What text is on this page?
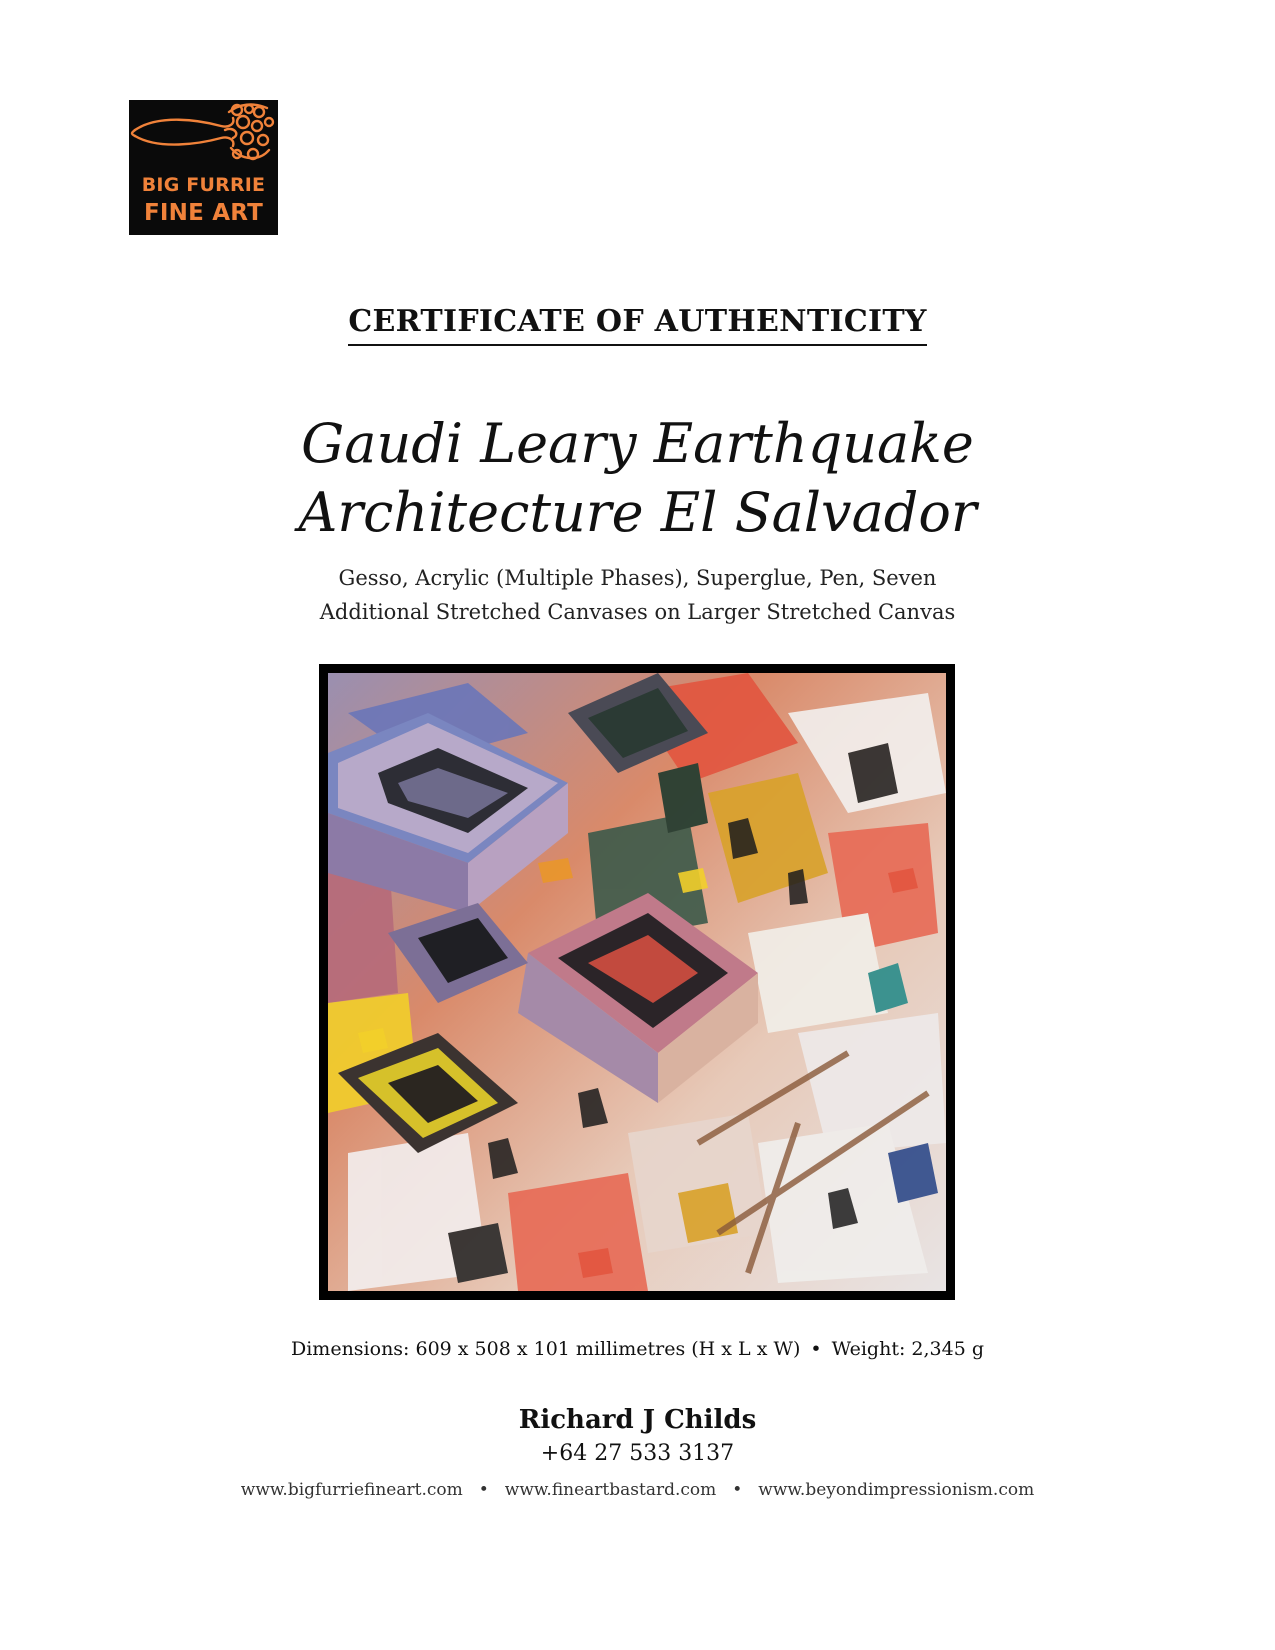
BIG FURRIE
FINE ART
CERTIFICATE OF AUTHENTICITY
Gaudi Leary Earthquake
Architecture El Salvador
Gesso, Acrylic (Multiple Phases), Superglue, Pen, Seven
Additional Stretched Canvases on Larger Stretched Canvas
Dimensions: 609 x 508 x 101 millimetres (H x L x W) • Weight: 2,345 g
Richard J Childs
+64 27 533 3137
www.bigfurriefineart.com • www.fineartbastard.com • www.beyondimpressionism.com
